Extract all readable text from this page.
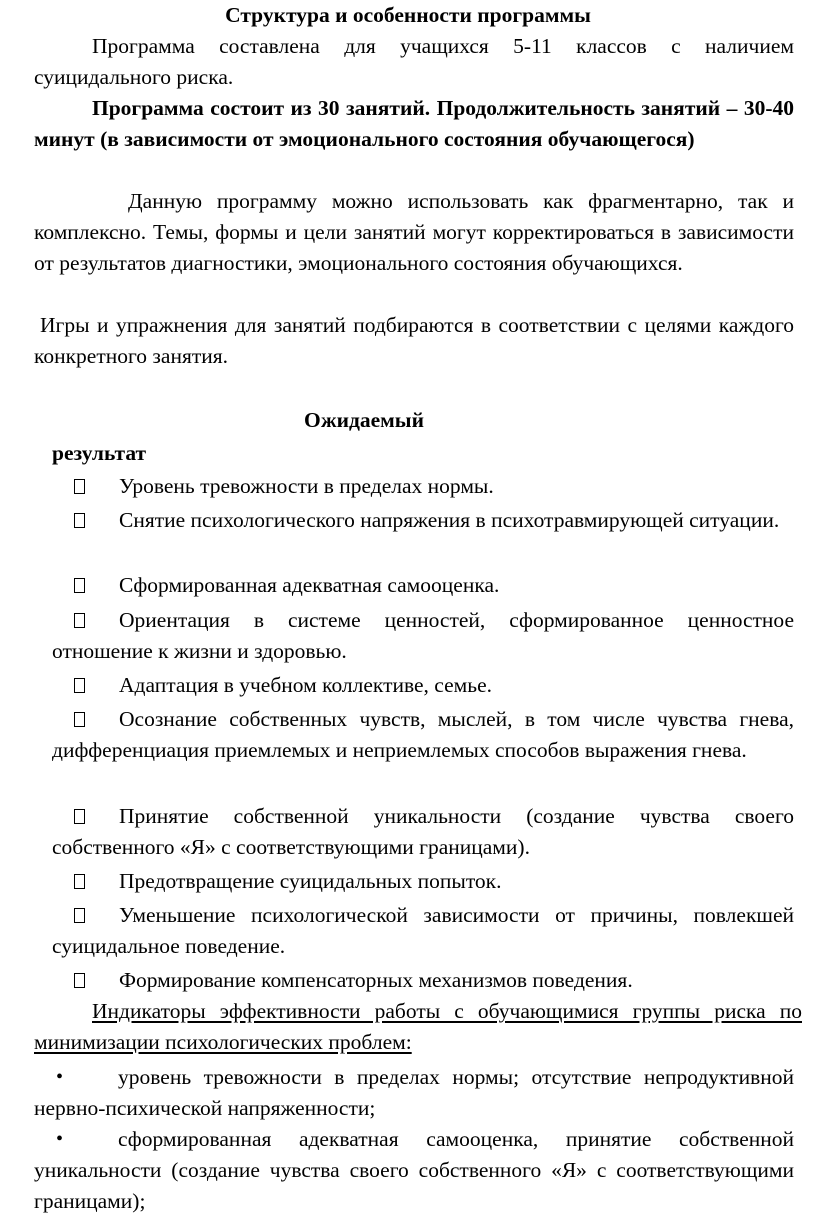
Структура и особенности программы

Программа составлена для учащихся 5-11 классов с наличием суицидального риска.

Программа состоит из 30 занятий. Продолжительность занятий – 30-40 минут (в зависимости от эмоционального состояния обучающегося)

Данную программу можно использовать как фрагментарно, так и комплексно. Темы, формы и цели занятий могут корректироваться в зависимости от результатов диагностики, эмоционального состояния обучающихся.

Игры и упражнения для занятий подбираются в соответствии с целями каждого конкретного занятия.

Ожидаемый

результат

Уровень тревожности в пределах нормы.
Снятие психологического напряжения в психотравмирующей ситуации.
Сформированная адекватная самооценка.
Ориентация в системе ценностей, сформированное ценностное отношение к жизни и здоровью.
Адаптация в учебном коллективе, семье.
Осознание собственных чувств, мыслей, в том числе чувства гнева, дифференциация приемлемых и неприемлемых способов выражения гнева.
Принятие собственной уникальности (создание чувства своего собственного «Я» с соответствующими границами).
Предотвращение суицидальных попыток.
Уменьшение психологической зависимости от причины, повлекшей суицидальное поведение.
Формирование компенсаторных механизмов поведения.

Индикаторы эффективности работы с обучающимися группы риска по минимизации психологических проблем:

•	уровень тревожности в пределах нормы; отсутствие непродуктивной нервно-психической напряженности;
•	сформированная адекватная самооценка, принятие собственной уникальности (создание чувства своего собственного «Я» с соответствующими границами);
